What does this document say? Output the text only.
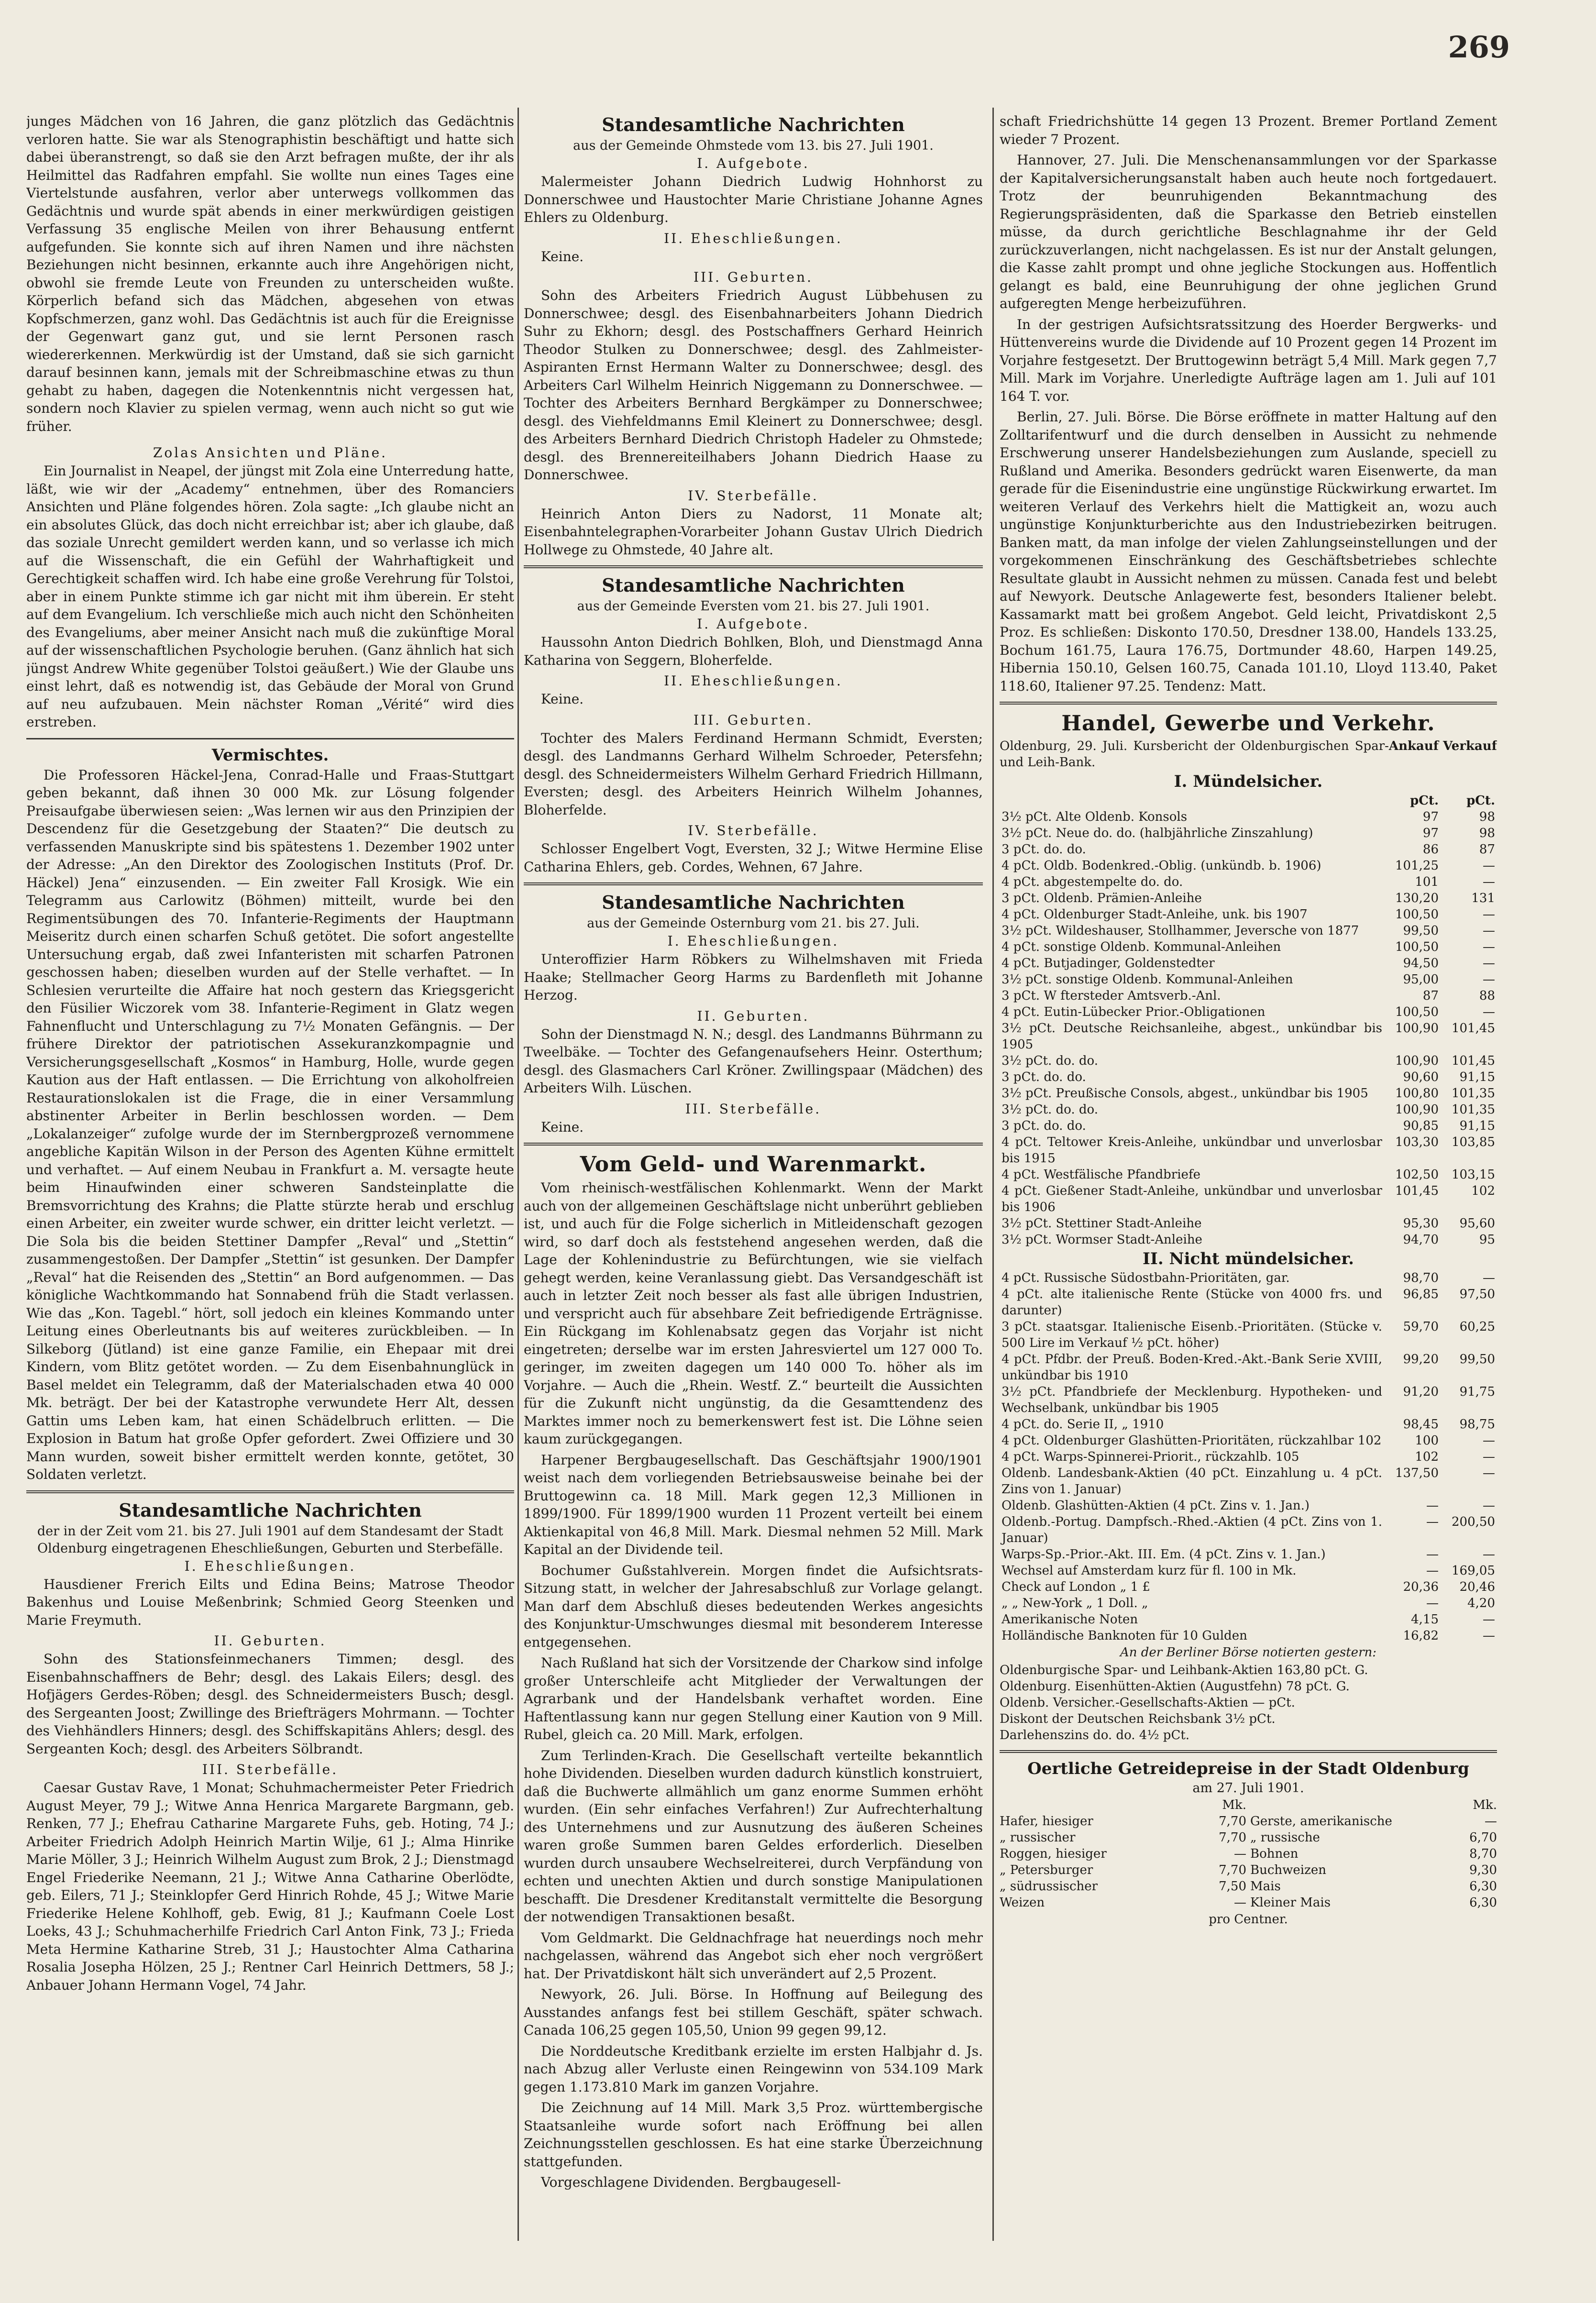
269

junges Mädchen von 16 Jahren, die ganz plötzlich das Gedächtnis verloren hatte. Sie war als Stenographistin beschäftigt und hatte sich dabei überanstrengt, so daß sie den Arzt befragen mußte, der ihr als Heilmittel das Radfahren empfahl. Sie wollte nun eines Tages eine Viertelstunde ausfahren, verlor aber unterwegs vollkommen das Gedächtnis und wurde spät abends in einer merkwürdigen geistigen Verfassung 35 englische Meilen von ihrer Behausung entfernt aufgefunden. Sie konnte sich auf ihren Namen und ihre nächsten Beziehungen nicht besinnen, erkannte auch ihre Angehörigen nicht, obwohl sie fremde Leute von Freunden zu unterscheiden wußte. Körperlich befand sich das Mädchen, abgesehen von etwas Kopfschmerzen, ganz wohl. Das Gedächtnis ist auch für die Ereignisse der Gegenwart ganz gut, und sie lernt Personen rasch wiedererkennen. Merkwürdig ist der Umstand, daß sie sich garnicht darauf besinnen kann, jemals mit der Schreibmaschine etwas zu thun gehabt zu haben, dagegen die Notenkenntnis nicht vergessen hat, sondern noch Klavier zu spielen vermag, wenn auch nicht so gut wie früher.

Zolas Ansichten und Pläne.

Ein Journalist in Neapel, der jüngst mit Zola eine Unterredung hatte, läßt, wie wir der „Academy“ entnehmen, über des Romanciers Ansichten und Pläne folgendes hören. Zola sagte: „Ich glaube nicht an ein absolutes Glück, das doch nicht erreichbar ist; aber ich glaube, daß das soziale Unrecht gemildert werden kann, und so verlasse ich mich auf die Wissenschaft, die ein Gefühl der Wahrhaftigkeit und Gerechtigkeit schaffen wird. Ich habe eine große Verehrung für Tolstoi, aber in einem Punkte stimme ich gar nicht mit ihm überein. Er steht auf dem Evangelium. Ich verschließe mich auch nicht den Schönheiten des Evangeliums, aber meiner Ansicht nach muß die zukünftige Moral auf der wissenschaftlichen Psychologie beruhen. (Ganz ähnlich hat sich jüngst Andrew White gegenüber Tolstoi geäußert.) Wie der Glaube uns einst lehrt, daß es notwendig ist, das Gebäude der Moral von Grund auf neu aufzubauen. Mein nächster Roman „Vérité“ wird dies erstreben.

Vermischtes.

Die Professoren Häckel-Jena, Conrad-Halle und Fraas-Stuttgart geben bekannt, daß ihnen 30 000 Mk. zur Lösung folgender Preisaufgabe überwiesen seien: „Was lernen wir aus den Prinzipien der Descendenz für die Gesetzgebung der Staaten?“ Die deutsch zu verfassenden Manuskripte sind bis spätestens 1. Dezember 1902 unter der Adresse: „An den Direktor des Zoologischen Instituts (Prof. Dr. Häckel) Jena“ einzusenden. — Ein zweiter Fall Krosigk. Wie ein Telegramm aus Carlowitz (Böhmen) mitteilt, wurde bei den Regimentsübungen des 70. Infanterie-Regiments der Hauptmann Meiseritz durch einen scharfen Schuß getötet. Die sofort angestellte Untersuchung ergab, daß zwei Infanteristen mit scharfen Patronen geschossen haben; dieselben wurden auf der Stelle verhaftet. — In Schlesien verurteilte die Affaire hat noch gestern das Kriegsgericht den Füsilier Wiczorek vom 38. Infanterie-Regiment in Glatz wegen Fahnenflucht und Unterschlagung zu 7½ Monaten Gefängnis. — Der frühere Direktor der patriotischen Assekuranzkompagnie und Versicherungsgesellschaft „Kosmos“ in Hamburg, Holle, wurde gegen Kaution aus der Haft entlassen. — Die Errichtung von alkoholfreien Restaurationslokalen ist die Frage, die in einer Versammlung abstinenter Arbeiter in Berlin beschlossen worden. — Dem „Lokalanzeiger“ zufolge wurde der im Sternbergprozeß vernommene angebliche Kapitän Wilson in der Person des Agenten Kühne ermittelt und verhaftet. — Auf einem Neubau in Frankfurt a. M. versagte heute beim Hinaufwinden einer schweren Sandsteinplatte die Bremsvorrichtung des Krahns; die Platte stürzte herab und erschlug einen Arbeiter, ein zweiter wurde schwer, ein dritter leicht verletzt. — Die Sola bis die beiden Stettiner Dampfer „Reval“ und „Stettin“ zusammengestoßen. Der Dampfer „Stettin“ ist gesunken. Der Dampfer „Reval“ hat die Reisenden des „Stettin“ an Bord aufgenommen. — Das königliche Wachtkommando hat Sonnabend früh die Stadt verlassen. Wie das „Kon. Tagebl.“ hört, soll jedoch ein kleines Kommando unter Leitung eines Oberleutnants bis auf weiteres zurückbleiben. — In Silkeborg (Jütland) ist eine ganze Familie, ein Ehepaar mit drei Kindern, vom Blitz getötet worden. — Zu dem Eisenbahnunglück in Basel meldet ein Telegramm, daß der Materialschaden etwa 40 000 Mk. beträgt. Der bei der Katastrophe verwundete Herr Alt, dessen Gattin ums Leben kam, hat einen Schädelbruch erlitten. — Die Explosion in Batum hat große Opfer gefordert. Zwei Offiziere und 30 Mann wurden, soweit bisher ermittelt werden konnte, getötet, 30 Soldaten verletzt.

Standesamtliche Nachrichten
der in der Zeit vom 21. bis 27. Juli 1901 auf dem Standesamt der Stadt Oldenburg eingetragenen Eheschließungen, Geburten und Sterbefälle.
I. Eheschließungen.

Hausdiener Frerich Eilts und Edina Beins; Matrose Theodor Bakenhus und Louise Meßenbrink; Schmied Georg Steenken und Marie Freymuth.

II. Geburten.

Sohn des Stationsfeinmechaners Timmen; desgl. des Eisenbahnschaffners de Behr; desgl. des Lakais Eilers; desgl. des Hofjägers Gerdes-Röben; desgl. des Schneidermeisters Busch; desgl. des Sergeanten Joost; Zwillinge des Briefträgers Mohrmann. — Tochter des Viehhändlers Hinners; desgl. des Schiffskapitäns Ahlers; desgl. des Sergeanten Koch; desgl. des Arbeiters Sölbrandt.

III. Sterbefälle.

Caesar Gustav Rave, 1 Monat; Schuhmachermeister Peter Friedrich August Meyer, 79 J.; Witwe Anna Henrica Margarete Bargmann, geb. Renken, 77 J.; Ehefrau Catharine Margarete Fuhs, geb. Hoting, 74 J.; Arbeiter Friedrich Adolph Heinrich Martin Wilje, 61 J.; Alma Hinrike Marie Möller, 3 J.; Heinrich Wilhelm August zum Brok, 2 J.; Dienstmagd Engel Friederike Neemann, 21 J.; Witwe Anna Catharine Oberlödte, geb. Eilers, 71 J.; Steinklopfer Gerd Hinrich Rohde, 45 J.; Witwe Marie Friederike Helene Kohlhoff, geb. Ewig, 81 J.; Kaufmann Coele Lost Loeks, 43 J.; Schuhmacherhilfe Friedrich Carl Anton Fink, 73 J.; Frieda Meta Hermine Katharine Streb, 31 J.; Haustochter Alma Catharina Rosalia Josepha Hölzen, 25 J.; Rentner Carl Heinrich Dettmers, 58 J.; Anbauer Johann Hermann Vogel, 74 Jahr.

Standesamtliche Nachrichten
aus der Gemeinde Ohmstede vom 13. bis 27. Juli 1901.
I. Aufgebote.

Malermeister Johann Diedrich Ludwig Hohnhorst zu Donnerschwee und Haustochter Marie Christiane Johanne Agnes Ehlers zu Oldenburg.

II. Eheschließungen.

Keine.

III. Geburten.

Sohn des Arbeiters Friedrich August Lübbehusen zu Donnerschwee; desgl. des Eisenbahnarbeiters Johann Diedrich Suhr zu Ekhorn; desgl. des Postschaffners Gerhard Heinrich Theodor Stulken zu Donnerschwee; desgl. des Zahlmeister-Aspiranten Ernst Hermann Walter zu Donnerschwee; desgl. des Arbeiters Carl Wilhelm Heinrich Niggemann zu Donnerschwee. — Tochter des Arbeiters Bernhard Bergkämper zu Donnerschwee; desgl. des Viehfeldmanns Emil Kleinert zu Donnerschwee; desgl. des Arbeiters Bernhard Diedrich Christoph Hadeler zu Ohmstede; desgl. des Brennereiteilhabers Johann Diedrich Haase zu Donnerschwee.

IV. Sterbefälle.

Heinrich Anton Diers zu Nadorst, 11 Monate alt; Eisenbahntelegraphen-Vorarbeiter Johann Gustav Ulrich Diedrich Hollwege zu Ohmstede, 40 Jahre alt.

Standesamtliche Nachrichten
aus der Gemeinde Eversten vom 21. bis 27. Juli 1901.
I. Aufgebote.

Haussohn Anton Diedrich Bohlken, Bloh, und Dienstmagd Anna Katharina von Seggern, Bloherfelde.

II. Eheschließungen.

Keine.

III. Geburten.

Tochter des Malers Ferdinand Hermann Schmidt, Eversten; desgl. des Landmanns Gerhard Wilhelm Schroeder, Petersfehn; desgl. des Schneidermeisters Wilhelm Gerhard Friedrich Hillmann, Eversten; desgl. des Arbeiters Heinrich Wilhelm Johannes, Bloherfelde.

IV. Sterbefälle.

Schlosser Engelbert Vogt, Eversten, 32 J.; Witwe Hermine Elise Catharina Ehlers, geb. Cordes, Wehnen, 67 Jahre.

Standesamtliche Nachrichten
aus der Gemeinde Osternburg vom 21. bis 27. Juli.
I. Eheschließungen.

Unteroffizier Harm Röbkers zu Wilhelmshaven mit Frieda Haake; Stellmacher Georg Harms zu Bardenfleth mit Johanne Herzog.

II. Geburten.

Sohn der Dienstmagd N. N.; desgl. des Landmanns Bührmann zu Tweelbäke. — Tochter des Gefangenaufsehers Heinr. Osterthum; desgl. des Glasmachers Carl Kröner. Zwillingspaar (Mädchen) des Arbeiters Wilh. Lüschen.

III. Sterbefälle.

Keine.

Vom Geld- und Warenmarkt.

Vom rheinisch-westfälischen Kohlenmarkt. Wenn der Markt auch von der allgemeinen Geschäftslage nicht unberührt geblieben ist, und auch für die Folge sicherlich in Mitleidenschaft gezogen wird, so darf doch als feststehend angesehen werden, daß die Lage der Kohlenindustrie zu Befürchtungen, wie sie vielfach gehegt werden, keine Veranlassung giebt. Das Versandgeschäft ist auch in letzter Zeit noch besser als fast alle übrigen Industrien, und verspricht auch für absehbare Zeit befriedigende Erträgnisse. Ein Rückgang im Kohlenabsatz gegen das Vorjahr ist nicht eingetreten; derselbe war im ersten Jahresviertel um 127 000 To. geringer, im zweiten dagegen um 140 000 To. höher als im Vorjahre. — Auch die „Rhein. Westf. Z.“ beurteilt die Aussichten für die Zukunft nicht ungünstig, da die Gesamttendenz des Marktes immer noch zu bemerkenswert fest ist. Die Löhne seien kaum zurückgegangen.

Harpener Bergbaugesellschaft. Das Geschäftsjahr 1900/1901 weist nach dem vorliegenden Betriebsausweise beinahe bei der Bruttogewinn ca. 18 Mill. Mark gegen 12,3 Millionen in 1899/1900. Für 1899/1900 wurden 11 Prozent verteilt bei einem Aktienkapital von 46,8 Mill. Mark. Diesmal nehmen 52 Mill. Mark Kapital an der Dividende teil.

Bochumer Gußstahlverein. Morgen findet die Aufsichtsrats-Sitzung statt, in welcher der Jahresabschluß zur Vorlage gelangt. Man darf dem Abschluß dieses bedeutenden Werkes angesichts des Konjunktur-Umschwunges diesmal mit besonderem Interesse entgegensehen.

Nach Rußland hat sich der Vorsitzende der Charkow sind infolge großer Unterschleife acht Mitglieder der Verwaltungen der Agrarbank und der Handelsbank verhaftet worden. Eine Haftentlassung kann nur gegen Stellung einer Kaution von 9 Mill. Rubel, gleich ca. 20 Mill. Mark, erfolgen.

Zum Terlinden-Krach. Die Gesellschaft verteilte bekanntlich hohe Dividenden. Dieselben wurden dadurch künstlich konstruiert, daß die Buchwerte allmählich um ganz enorme Summen erhöht wurden. (Ein sehr einfaches Verfahren!) Zur Aufrechterhaltung des Unternehmens und zur Ausnutzung des äußeren Scheines waren große Summen baren Geldes erforderlich. Dieselben wurden durch unsaubere Wechselreiterei, durch Verpfändung von echten und unechten Aktien und durch sonstige Manipulationen beschafft. Die Dresdener Kreditanstalt vermittelte die Besorgung der notwendigen Transaktionen besaßt.

Vom Geldmarkt. Die Geldnachfrage hat neuerdings noch mehr nachgelassen, während das Angebot sich eher noch vergrößert hat. Der Privatdiskont hält sich unverändert auf 2,5 Prozent.

Newyork, 26. Juli. Börse. In Hoffnung auf Beilegung des Ausstandes anfangs fest bei stillem Geschäft, später schwach. Canada 106,25 gegen 105,50, Union 99 gegen 99,12.

Die Norddeutsche Kreditbank erzielte im ersten Halbjahr d. Js. nach Abzug aller Verluste einen Reingewinn von 534.109 Mark gegen 1.173.810 Mark im ganzen Vorjahre.

Die Zeichnung auf 14 Mill. Mark 3,5 Proz. württembergische Staatsanleihe wurde sofort nach Eröffnung bei allen Zeichnungsstellen geschlossen. Es hat eine starke Überzeichnung stattgefunden.

Vorgeschlagene Dividenden. Bergbaugesell-

schaft Friedrichshütte 14 gegen 13 Prozent. Bremer Portland Zement wieder 7 Prozent.

Hannover, 27. Juli. Die Menschenansammlungen vor der Sparkasse der Kapitalversicherungsanstalt haben auch heute noch fortgedauert. Trotz der beunruhigenden Bekanntmachung des Regierungspräsidenten, daß die Sparkasse den Betrieb einstellen müsse, da durch gerichtliche Beschlagnahme ihr der Geld zurückzuverlangen, nicht nachgelassen. Es ist nur der Anstalt gelungen, die Kasse zahlt prompt und ohne jegliche Stockungen aus. Hoffentlich gelangt es bald, eine Beunruhigung der ohne jeglichen Grund aufgeregten Menge herbeizuführen.

In der gestrigen Aufsichtsratssitzung des Hoerder Bergwerks- und Hüttenvereins wurde die Dividende auf 10 Prozent gegen 14 Prozent im Vorjahre festgesetzt. Der Bruttogewinn beträgt 5,4 Mill. Mark gegen 7,7 Mill. Mark im Vorjahre. Unerledigte Aufträge lagen am 1. Juli auf 101 164 T. vor.

Berlin, 27. Juli. Börse. Die Börse eröffnete in matter Haltung auf den Zolltarifentwurf und die durch denselben in Aussicht zu nehmende Erschwerung unserer Handelsbeziehungen zum Auslande, speciell zu Rußland und Amerika. Besonders gedrückt waren Eisenwerte, da man gerade für die Eisenindustrie eine ungünstige Rückwirkung erwartet. Im weiteren Verlauf des Verkehrs hielt die Mattigkeit an, wozu auch ungünstige Konjunkturberichte aus den Industriebezirken beitrugen. Banken matt, da man infolge der vielen Zahlungseinstellungen und der vorgekommenen Einschränkung des Geschäftsbetriebes schlechte Resultate glaubt in Aussicht nehmen zu müssen. Canada fest und belebt auf Newyork. Deutsche Anlagewerte fest, besonders Italiener belebt. Kassamarkt matt bei großem Angebot. Geld leicht, Privatdiskont 2,5 Proz. Es schließen: Diskonto 170.50, Dresdner 138.00, Handels 133.25, Bochum 161.75, Laura 176.75, Dortmunder 48.60, Harpen 149.25, Hibernia 150.10, Gelsen 160.75, Canada 101.10, Lloyd 113.40, Paket 118.60, Italiener 97.25. Tendenz: Matt.

Handel, Gewerbe und Verkehr.
Oldenburg, 29. Juli. Kursbericht der Oldenburgischen Spar- und Leih-Bank.
Ankauf Verkauf
I. Mündelsicher.
	pCt.	pCt.
3½ pCt. Alte Oldenb. Konsols	97	98
3½ pCt. Neue do. do. (halbjährliche Zinszahlung)	97	98
3 pCt. do. do.	86	87
4 pCt. Oldb. Bodenkred.-Oblig. (unkündb. b. 1906)	101,25	—
4 pCt. abgestempelte do. do.	101	—
3 pCt. Oldenb. Prämien-Anleihe	130,20	131
4 pCt. Oldenburger Stadt-Anleihe, unk. bis 1907	100,50	—
3½ pCt. Wildeshauser, Stollhammer, Jeversche von 1877	99,50	—
4 pCt. sonstige Oldenb. Kommunal-Anleihen	100,50	—
4 pCt. Butjadinger, Goldenstedter	94,50	—
3½ pCt. sonstige Oldenb. Kommunal-Anleihen	95,00	—
3 pCt. W ftersteder Amtsverb.-Anl.	87	88
4 pCt. Eutin-Lübecker Prior.-Obligationen	100,50	—
3½ pCt. Deutsche Reichsanleihe, abgest., unkündbar bis 1905	100,90	101,45
3½ pCt. do. do.	100,90	101,45
3 pCt. do. do.	90,60	91,15
3½ pCt. Preußische Consols, abgest., unkündbar bis 1905	100,80	101,35
3½ pCt. do. do.	100,90	101,35
3 pCt. do. do.	90,85	91,15
4 pCt. Teltower Kreis-Anleihe, unkündbar und unverlosbar bis 1915	103,30	103,85
4 pCt. Westfälische Pfandbriefe	102,50	103,15
4 pCt. Gießener Stadt-Anleihe, unkündbar und unverlosbar bis 1906	101,45	102
3½ pCt. Stettiner Stadt-Anleihe	95,30	95,60
3½ pCt. Wormser Stadt-Anleihe	94,70	95
II. Nicht mündelsicher.
4 pCt. Russische Südostbahn-Prioritäten, gar.	98,70	—
4 pCt. alte italienische Rente (Stücke von 4000 frs. und darunter)	96,85	97,50
3 pCt. staatsgar. Italienische Eisenb.-Prioritäten. (Stücke v. 500 Lire im Verkauf ½ pCt. höher)	59,70	60,25
4 pCt. Pfdbr. der Preuß. Boden-Kred.-Akt.-Bank Serie XVIII, unkündbar bis 1910	99,20	99,50
3½ pCt. Pfandbriefe der Mecklenburg. Hypotheken- und Wechselbank, unkündbar bis 1905	91,20	91,75
4 pCt. do. Serie II, „ 1910	98,45	98,75
4 pCt. Oldenburger Glashütten-Prioritäten, rückzahlbar 102	100	—
4 pCt. Warps-Spinnerei-Priorit., rückzahlb. 105	102	—
Oldenb. Landesbank-Aktien (40 pCt. Einzahlung u. 4 pCt. Zins von 1. Januar)	137,50	—
Oldenb. Glashütten-Aktien (4 pCt. Zins v. 1. Jan.)	—	—
Oldenb.-Portug. Dampfsch.-Rhed.-Aktien (4 pCt. Zins von 1. Januar)	—	200,50
Warps-Sp.-Prior.-Akt. III. Em. (4 pCt. Zins v. 1. Jan.)	—	—
Wechsel auf Amsterdam kurz für fl. 100 in Mk.	—	169,05
Check auf London „ 1 £	20,36	20,46
„ „ New-York „ 1 Doll. „	—	4,20
Amerikanische Noten	4,15	—
Holländische Banknoten für 10 Gulden	16,82	—
An der Berliner Börse notierten gestern:
Oldenburgische Spar- und Leihbank-Aktien 163,80 pCt. G.
Oldenburg. Eisenhütten-Aktien (Augustfehn) 78 pCt. G.
Oldenb. Versicher.-Gesellschafts-Aktien — pCt.
Diskont der Deutschen Reichsbank 3½ pCt.
Darlehenszins do. do. 4½ pCt.
Oertliche Getreidepreise in der Stadt Oldenburg
am 27. Juli 1901.
Mk.	Mk.
Hafer, hiesiger	7,70 Gerste, amerikanische	—
„ russischer	7,70 „ russische	6,70
Roggen, hiesiger	— Bohnen	8,70
„ Petersburger	7,70 Buchweizen	9,30
„ südrussischer	7,50 Mais	6,30
Weizen	— Kleiner Mais	6,30
pro Centner.
